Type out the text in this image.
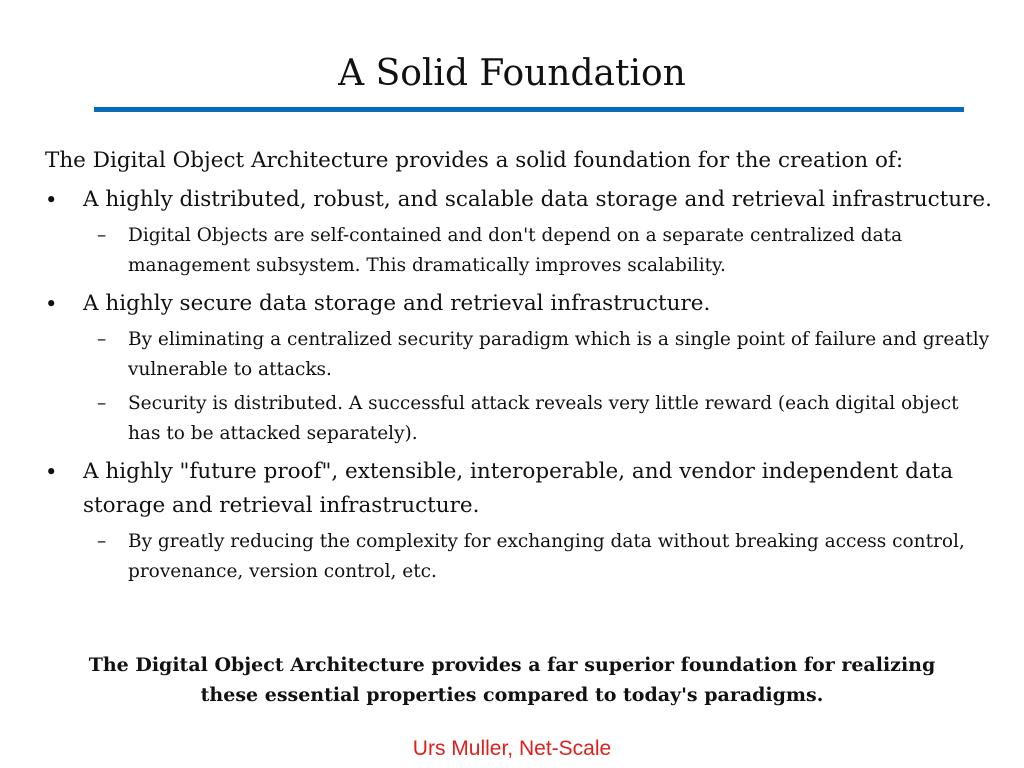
A Solid Foundation
The Digital Object Architecture provides a solid foundation for the creation of:
• A highly distributed, robust, and scalable data storage and retrieval infrastructure.
– Digital Objects are self-contained and don't depend on a separate centralized data management subsystem. This dramatically improves scalability.
• A highly secure data storage and retrieval infrastructure.
– By eliminating a centralized security paradigm which is a single point of failure and greatly vulnerable to attacks.
– Security is distributed. A successful attack reveals very little reward (each digital object has to be attacked separately).
• A highly "future proof", extensible, interoperable, and vendor independent data storage and retrieval infrastructure.
– By greatly reducing the complexity for exchanging data without breaking access control, provenance, version control, etc.
The Digital Object Architecture provides a far superior foundation for realizing
these essential properties compared to today's paradigms.
Urs Muller, Net-Scale
